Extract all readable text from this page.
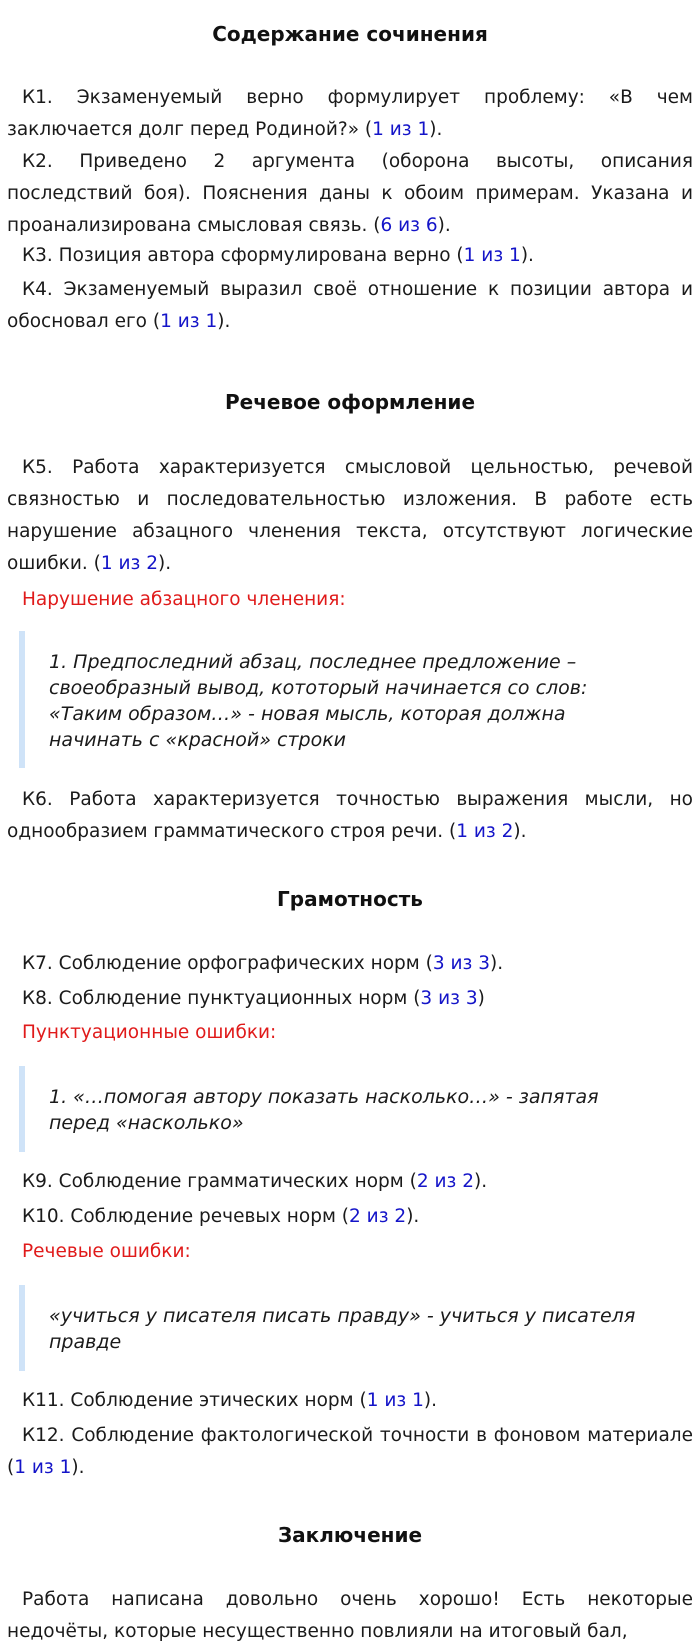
Содержание сочинения

К1. Экзаменуемый верно формулирует проблему: «В чем заключается долг перед Родиной?» (1 из 1).

К2. Приведено 2 аргумента (оборона высоты, описания последствий боя). Пояснения даны к обоим примерам. Указана и проанализирована смысловая связь. (6 из 6).

К3. Позиция автора сформулирована верно (1 из 1).

К4. Экзаменуемый выразил своё отношение к позиции автора и обосновал его (1 из 1).

Речевое оформление

К5. Работа характеризуется смысловой цельностью, речевой связностью и последовательностью изложения. В работе есть нарушение абзацного членения текста, отсутствуют логические ошибки. (1 из 2).

Нарушение абзацного членения:

1. Предпоследний абзац, последнее предложение – своеобразный вывод, кототорый начинается со слов: «Таким образом…» - новая мысль, которая должна начинать с «красной» строки

К6. Работа характеризуется точностью выражения мысли, но однообразием грамматического строя речи. (1 из 2).

Грамотность

К7. Соблюдение орфографических норм (3 из 3).

К8. Соблюдение пунктуационных норм (3 из 3)

Пунктуационные ошибки:

1. «…помогая автору показать насколько…» - запятая перед «насколько»

К9. Соблюдение грамматических норм (2 из 2).

К10. Соблюдение речевых норм (2 из 2).

Речевые ошибки:

«учиться у писателя писать правду» - учиться у писателя правде

К11. Соблюдение этических норм (1 из 1).

К12. Соблюдение фактологической точности в фоновом материале (1 из 1).

Заключение

Работа написана довольно очень хорошо! Есть некоторые недочёты, которые несущественно повлияли на итоговый бал,
